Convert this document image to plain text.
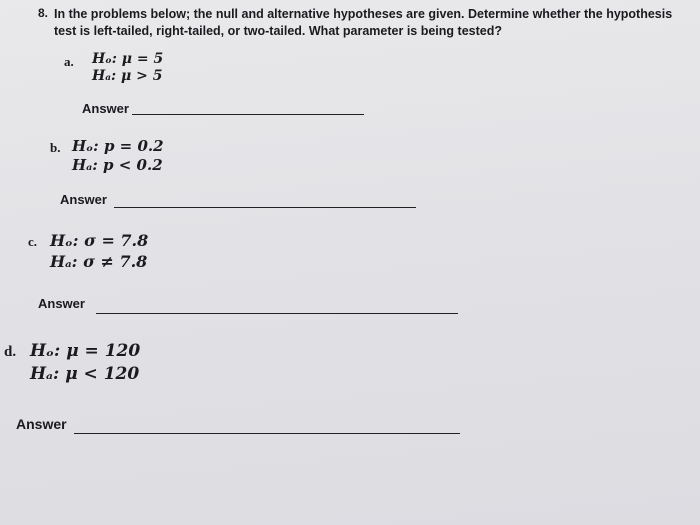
8. In the problems below; the null and alternative hypotheses are given. Determine whether the hypothesis test is left-tailed, right-tailed, or two-tailed. What parameter is being tested?
a. Hₒ: μ = 5
Hₐ: μ > 5
Answer
b. Hₒ: p = 0.2
Hₐ: p < 0.2
Answer
c. Hₒ: σ = 7.8
Hₐ: σ ≠ 7.8
Answer
d. Hₒ: μ = 120
Hₐ: μ < 120
Answer
